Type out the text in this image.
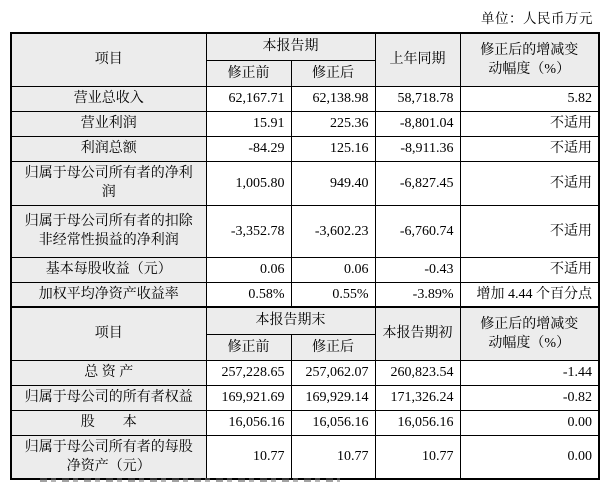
单位：人民币万元
项目	本报告期		上年同期	修正后的增减变
动幅度（%）

	修正前	修正后		
营业总收入	62,167.71	62,138.98	58,718.78	5.82
营业利润	15.91	225.36	-8,801.04	不适用
利润总额	-84.29	125.16	-8,911.36	不适用
归属于母公司所有者的净利润	1,005.80	949.40	-6,827.45	不适用
归属于母公司所有者的扣除非经常性损益的净利润	-3,352.78	-3,602.23	-6,760.74	不适用
基本每股收益（元）	0.06	0.06	-0.43	不适用
加权平均净资产收益率	0.58%	0.55%	-3.89%	增加 4.44 个百分点
项目	本报告期末		本报告期初	修正后的增减变
动幅度（%）

	修正前	修正后		
总 资 产	257,228.65	257,062.07	260,823.54	-1.44
归属于母公司的所有者权益	169,921.69	169,929.14	171,326.24	-0.82
股　　本	16,056.16	16,056.16	16,056.16	0.00
归属于母公司所有者的每股净资产（元）	10.77	10.77	10.77	0.00
